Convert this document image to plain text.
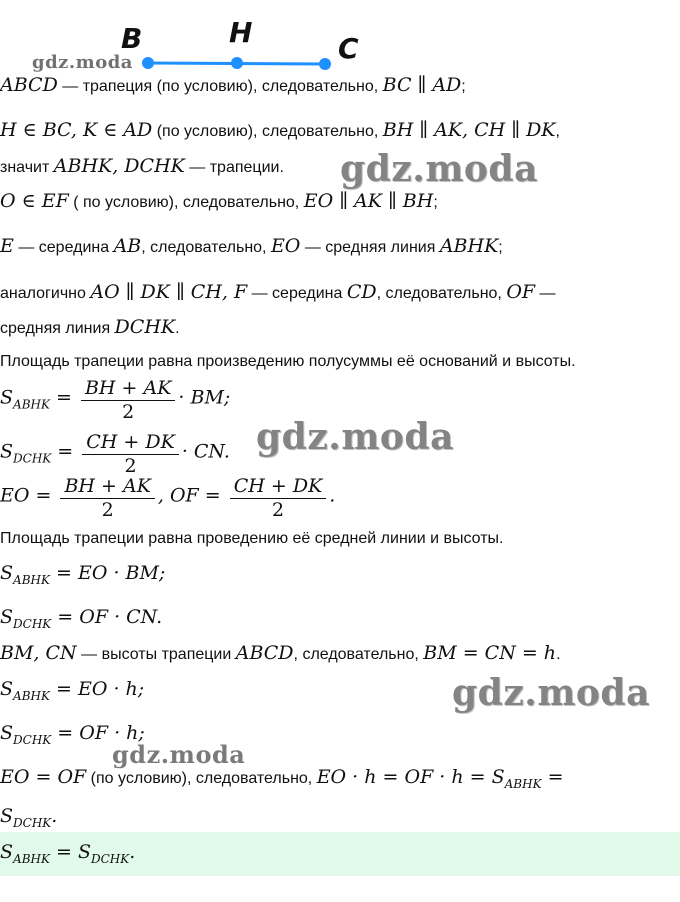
B	H	C
gdz.moda
ABCD — трапеция (по условию), следовательно, BC ∥ AD;
H ∈ BC, K ∈ AD (по условию), следовательно, BH ∥ AK, CH ∥ DK,
значит ABHK, DCHK — трапеции.
O ∈ EF ( по условию), следовательно, EO ∥ AK ∥ BH;
E — середина AB, следовательно, EO — средняя линия ABHK;
аналогично AO ∥ DK ∥ CH, F — середина CD, следовательно, OF —
средняя линия DCHK.
Площадь трапеции равна произведению полусуммы её оснований и высоты.
$S_{ABHK} = \frac{BH + AK}{2}$ · BM;
$S_{DCHK} = \frac{CH + DK}{2}$ · CN.
EO = $\frac{BH + AK}{2}$ , OF = $\frac{CH + DK}{2}$ .
Площадь трапеции равна проведению её средней линии и высоты.
$S_{ABHK}$ = EO · BM;
$S_{DCHK}$ = OF · CN.
BM, CN — высоты трапеции ABCD, следовательно, BM = CN = h.
$S_{ABHK}$ = EO · h;
$S_{DCHK}$ = OF · h;
EO = OF (по условию), следовательно, EO · h = OF · $h = S_{ABHK}$ =
$S_{DCHK}$.
$S_{ABHK} = S_{DCHK}$.
gdz.moda
gdz.moda
gdz.moda
gdz.moda
